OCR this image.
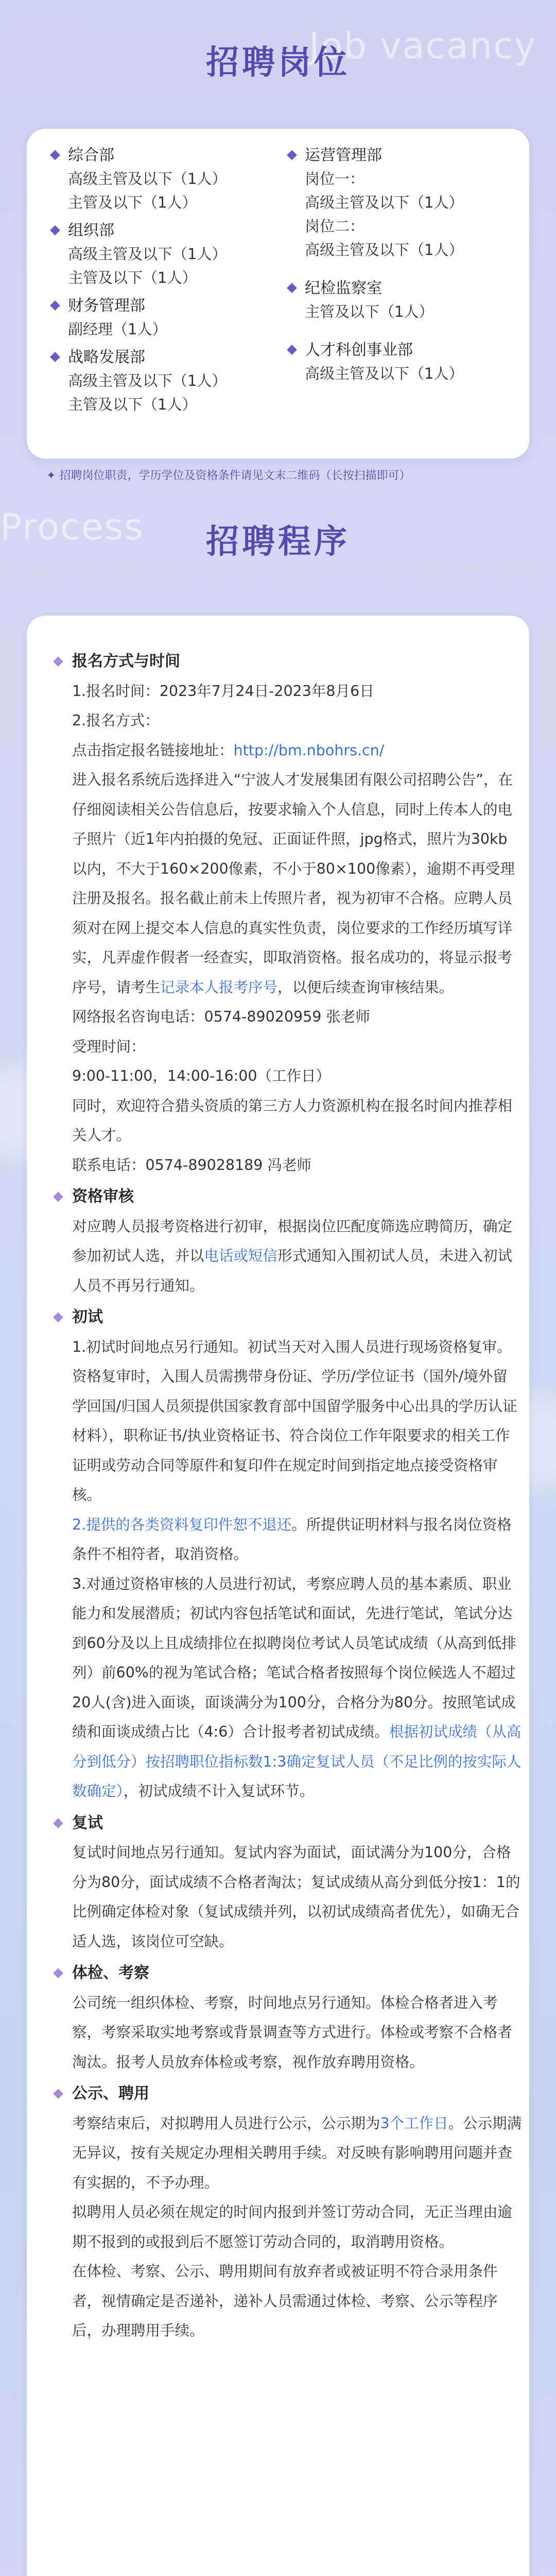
Job vacancy
招聘岗位
综合部
高级主管及以下（1人）
主管及以下（1人）
组织部
高级主管及以下（1人）
主管及以下（1人）
财务管理部
副经理（1人）
战略发展部
高级主管及以下（1人）
主管及以下（1人）
运营管理部
岗位一：
高级主管及以下（1人）
岗位二：
高级主管及以下（1人）
纪检监察室
主管及以下（1人）
人才科创事业部
高级主管及以下（1人）
✦ 招聘岗位职责，学历学位及资格条件请见文末二维码（长按扫描即可）
Process 招聘程序
报名方式与时间
1.报名时间：2023年7月24日-2023年8月6日
2.报名方式：
点击指定报名链接地址：http://bm.nbohrs.cn/
进入报名系统后选择进入“宁波人才发展集团有限公司招聘公告”，在仔细阅读相关公告信息后，按要求输入个人信息，同时上传本人的电子照片（近1年内拍摄的免冠、正面证件照，jpg格式，照片为30kb以内，不大于160×200像素，不小于80×100像素），逾期不再受理注册及报名。报名截止前未上传照片者，视为初审不合格。应聘人员须对在网上提交本人信息的真实性负责，岗位要求的工作经历填写详实，凡弄虚作假者一经查实，即取消资格。报名成功的，将显示报考序号，请考生记录本人报考序号，以便后续查询审核结果。
网络报名咨询电话：0574-89020959 张老师
受理时间：
9:00-11:00，14:00-16:00（工作日）
同时，欢迎符合猎头资质的第三方人力资源机构在报名时间内推荐相关人才。
联系电话：0574-89028189 冯老师
资格审核
对应聘人员报考资格进行初审，根据岗位匹配度筛选应聘简历，确定参加初试人选，并以电话或短信形式通知入围初试人员，未进入初试人员不再另行通知。
初试
1.初试时间地点另行通知。初试当天对入围人员进行现场资格复审。资格复审时，入围人员需携带身份证、学历/学位证书（国外/境外留学回国/归国人员须提供国家教育部中国留学服务中心出具的学历认证材料），职称证书/执业资格证书、符合岗位工作年限要求的相关工作证明或劳动合同等原件和复印件在规定时间到指定地点接受资格审核。
2.提供的各类资料复印件恕不退还。所提供证明材料与报名岗位资格条件不相符者，取消资格。
3.对通过资格审核的人员进行初试，考察应聘人员的基本素质、职业能力和发展潜质；初试内容包括笔试和面试，先进行笔试，笔试分达到60分及以上且成绩排位在拟聘岗位考试人员笔试成绩（从高到低排列）前60%的视为笔试合格；笔试合格者按照每个岗位候选人不超过20人(含)进入面谈，面谈满分为100分，合格分为80分。按照笔试成绩和面谈成绩占比（4:6）合计报考者初试成绩。根据初试成绩（从高分到低分）按招聘职位指标数1:3确定复试人员（不足比例的按实际人数确定），初试成绩不计入复试环节。
复试
复试时间地点另行通知。复试内容为面试，面试满分为100分，合格分为80分，面试成绩不合格者淘汰；复试成绩从高分到低分按1：1的比例确定体检对象（复试成绩并列，以初试成绩高者优先），如确无合适人选，该岗位可空缺。
体检、考察
公司统一组织体检、考察，时间地点另行通知。体检合格者进入考察，考察采取实地考察或背景调查等方式进行。体检或考察不合格者淘汰。报考人员放弃体检或考察，视作放弃聘用资格。
公示、聘用
考察结束后，对拟聘用人员进行公示，公示期为3个工作日。公示期满无异议，按有关规定办理相关聘用手续。对反映有影响聘用问题并查有实据的，不予办理。
拟聘用人员必须在规定的时间内报到并签订劳动合同，无正当理由逾期不报到的或报到后不愿签订劳动合同的，取消聘用资格。
在体检、考察、公示、聘用期间有放弃者或被证明不符合录用条件者，视情确定是否递补，递补人员需通过体检、考察、公示等程序后，办理聘用手续。
